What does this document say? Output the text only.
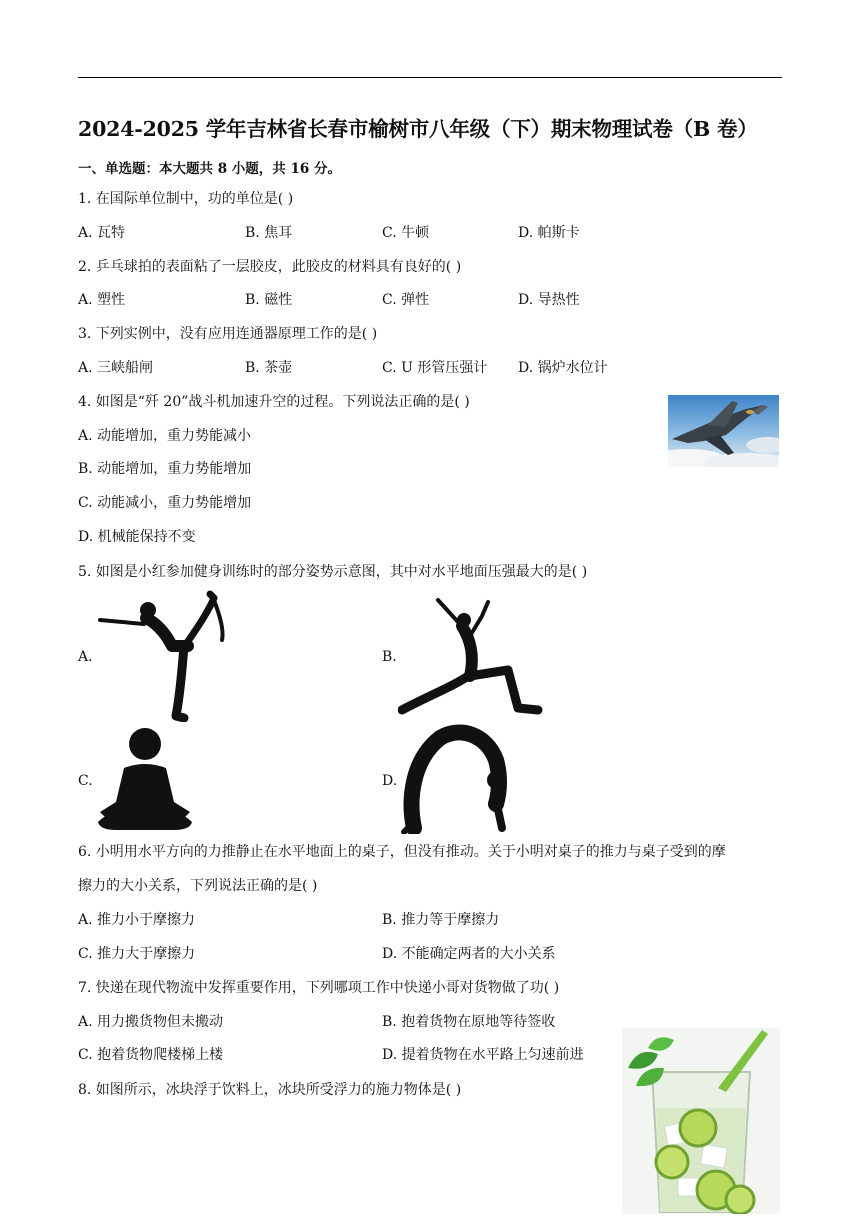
2024-2025 学年吉林省长春市榆树市八年级（下）期末物理试卷（B 卷）
一、单选题：本大题共 8 小题，共 16 分。
1. 在国际单位制中，功的单位是( )
A. 瓦特	B. 焦耳	C. 牛顿	D. 帕斯卡
2. 乒乓球拍的表面粘了一层胶皮，此胶皮的材料具有良好的( )
A. 塑性	B. 磁性	C. 弹性	D. 导热性
3. 下列实例中，没有应用连通器原理工作的是( )
A. 三峡船闸	B. 茶壶	C. U 形管压强计 D. 锅炉水位计
4. 如图是“歼 20”战斗机加速升空的过程。下列说法正确的是( )
A. 动能增加，重力势能减小
B. 动能增加，重力势能增加
C. 动能减小，重力势能增加
D. 机械能保持不变
5. 如图是小红参加健身训练时的部分姿势示意图，其中对水平地面压强最大的是( )
A.	B.
C.	D.
6. 小明用水平方向的力推静止在水平地面上的桌子，但没有推动。关于小明对桌子的推力与桌子受到的摩
擦力的大小关系，下列说法正确的是( )
A. 推力小于摩擦力	B. 推力等于摩擦力
C. 推力大于摩擦力	D. 不能确定两者的大小关系
7. 快递在现代物流中发挥重要作用，下列哪项工作中快递小哥对货物做了功( )
A. 用力搬货物但未搬动	B. 抱着货物在原地等待签收
C. 抱着货物爬楼梯上楼	D. 提着货物在水平路上匀速前进
8. 如图所示，冰块浮于饮料上，冰块所受浮力的施力物体是( )
